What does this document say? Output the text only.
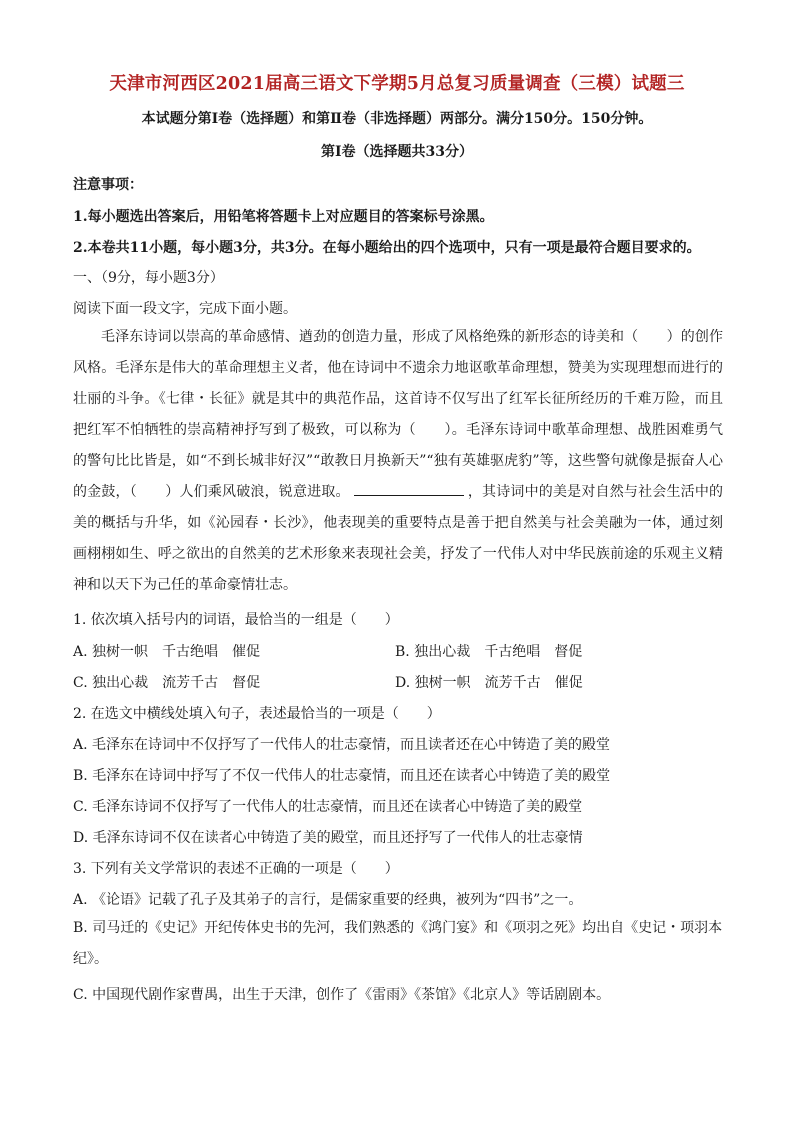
天津市河西区2021届高三语文下学期5月总复习质量调查（三模）试题三
本试题分第Ⅰ卷（选择题）和第Ⅱ卷（非选择题）两部分。满分150分。150分钟。
第Ⅰ卷（选择题共33分）
注意事项：
1.每小题选出答案后，用铅笔将答题卡上对应题目的答案标号涂黑。
2.本卷共11小题，每小题3分，共3分。在每小题给出的四个选项中，只有一项是最符合题目要求的。
一、（9分，每小题3分）
阅读下面一段文字，完成下面小题。
毛泽东诗词以崇高的革命感情、遒劲的创造力量，形成了风格绝殊的新形态的诗美和（　　）的创作风格。毛泽东是伟大的革命理想主义者，他在诗词中不遗余力地讴歌革命理想，赞美为实现理想而进行的壮丽的斗争。《七律・长征》就是其中的典范作品，这首诗不仅写出了红军长征所经历的千难万险，而且把红军不怕牺牲的崇高精神抒写到了极致，可以称为（　　）。毛泽东诗词中歌革命理想、战胜困难勇气的警句比比皆是，如“不到长城非好汉”“敢教日月换新天”“独有英雄驱虎豹”等，这些警句就像是振奋人心的金鼓，（　　）人们乘风破浪，锐意进取。	，其诗词中的美是对自然与社会生活中的美的概括与升华，如《沁园春・长沙》，他表现美的重要特点是善于把自然美与社会美融为一体，通过刻画栩栩如生、呼之欲出的自然美的艺术形象来表现社会美，抒发了一代伟人对中华民族前途的乐观主义精神和以天下为己任的革命豪情壮志。
1. 依次填入括号内的词语，最恰当的一组是（　　）
A. 独树一帜　千古绝唱　催促	B. 独出心裁　千古绝唱　督促
C. 独出心裁　流芳千古　督促	D. 独树一帜　流芳千古　催促
2. 在选文中横线处填入句子，表述最恰当的一项是（　　）
A. 毛泽东在诗词中不仅抒写了一代伟人的壮志豪情，而且读者还在心中铸造了美的殿堂
B. 毛泽东在诗词中抒写了不仅一代伟人的壮志豪情，而且还在读者心中铸造了美的殿堂
C. 毛泽东诗词不仅抒写了一代伟人的壮志豪情，而且还在读者心中铸造了美的殿堂
D. 毛泽东诗词不仅在读者心中铸造了美的殿堂，而且还抒写了一代伟人的壮志豪情
3. 下列有关文学常识的表述不正确的一项是（　　）
A. 《论语》记载了孔子及其弟子的言行，是儒家重要的经典，被列为“四书”之一。
B. 司马迁的《史记》开纪传体史书的先河，我们熟悉的《鸿门宴》和《项羽之死》均出自《史记・项羽本纪》。
C. 中国现代剧作家曹禺，出生于天津，创作了《雷雨》《茶馆》《北京人》等话剧剧本。
